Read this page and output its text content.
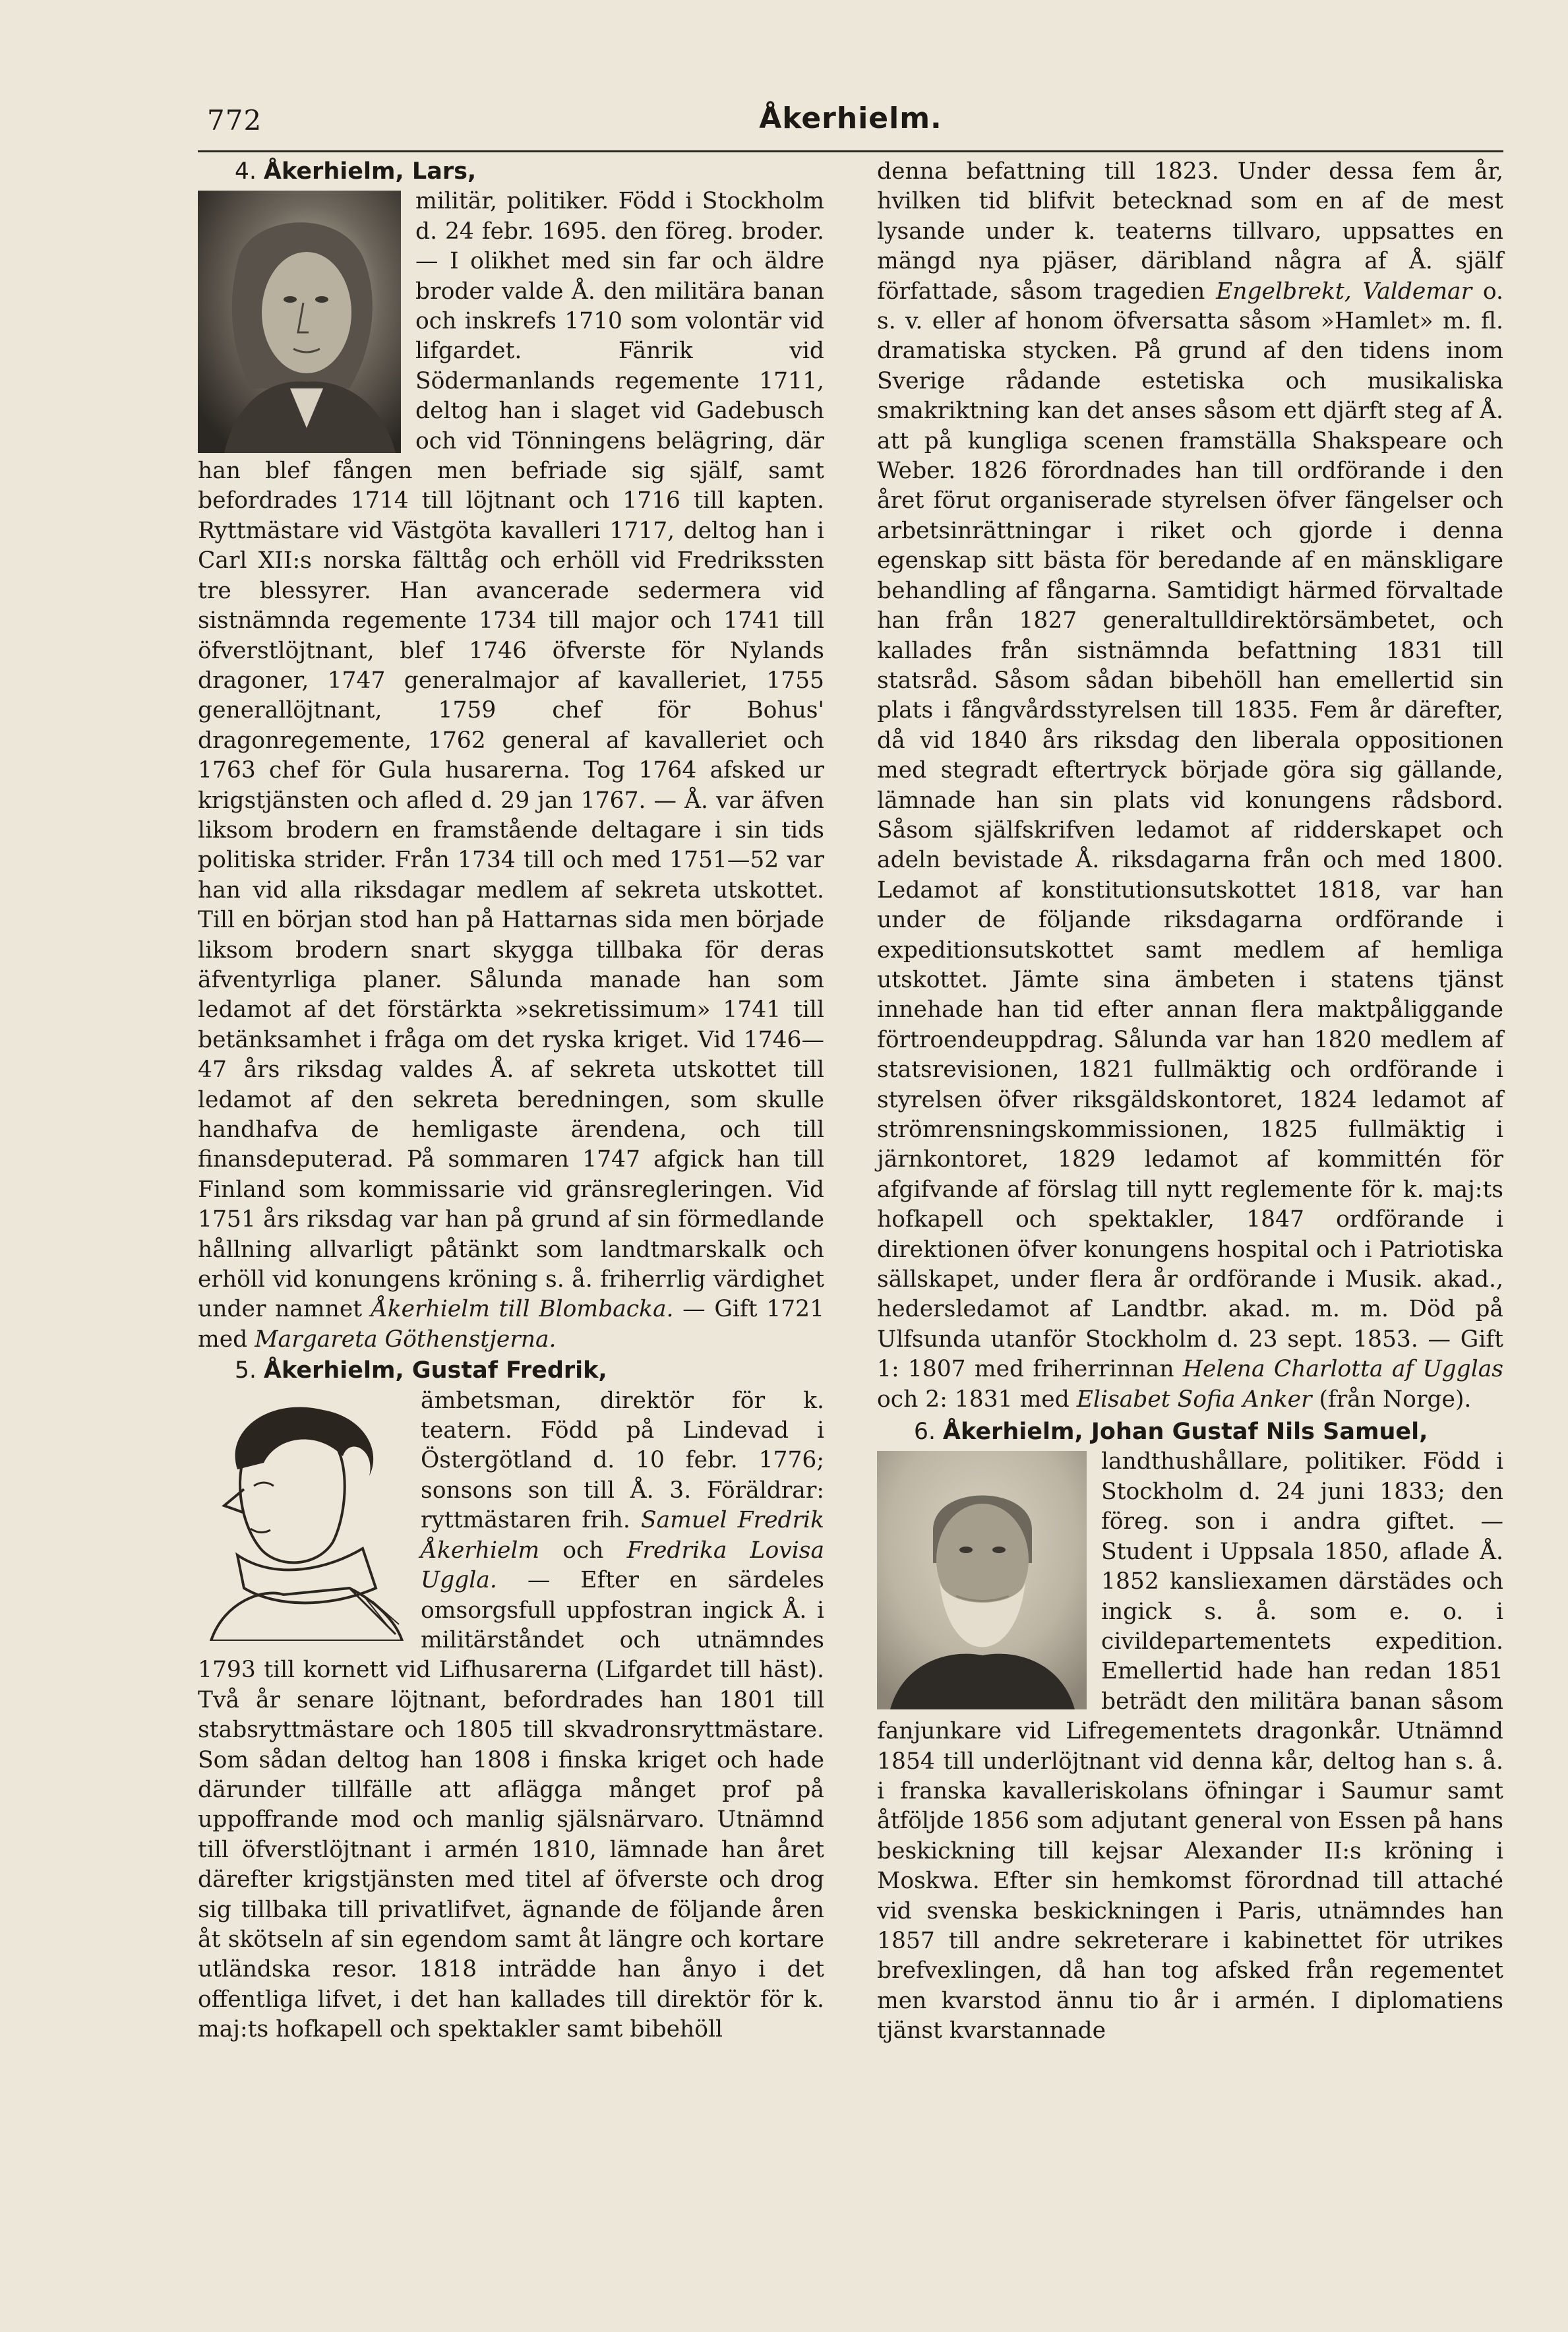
772	Åkerhielm.

4. Åkerhielm, Lars,

militär, politiker. Född i Stockholm d. 24 febr. 1695. den föreg. broder. — I olikhet med sin far och äldre broder valde Å. den militära banan och inskrefs 1710 som volontär vid lifgardet. Fänrik vid Södermanlands regemente 1711, deltog han i slaget vid Gadebusch och vid Tönningens belägring, där han blef fången men befriade sig själf, samt befordrades 1714 till löjtnant och 1716 till kapten. Ryttmästare vid Västgöta kavalleri 1717, deltog han i Carl XII:s norska fälttåg och erhöll vid Fredrikssten tre blessyrer. Han avancerade sedermera vid sistnämnda regemente 1734 till major och 1741 till öfverstlöjtnant, blef 1746 öfverste för Nylands dragoner, 1747 generalmajor af kavalleriet, 1755 generallöjtnant, 1759 chef för Bohus' dragonregemente, 1762 general af kavalleriet och 1763 chef för Gula husarerna. Tog 1764 afsked ur krigstjänsten och afled d. 29 jan 1767. — Å. var äfven liksom brodern en framstående deltagare i sin tids politiska strider. Från 1734 till och med 1751—52 var han vid alla riksdagar medlem af sekreta utskottet. Till en början stod han på Hattarnas sida men började liksom brodern snart skygga tillbaka för deras äfventyrliga planer. Sålunda manade han som ledamot af det förstärkta »sekretissimum» 1741 till betänksamhet i fråga om det ryska kriget. Vid 1746—47 års riksdag valdes Å. af sekreta utskottet till ledamot af den sekreta beredningen, som skulle handhafva de hemligaste ärendena, och till finansdeputerad. På sommaren 1747 afgick han till Finland som kommissarie vid gränsregleringen. Vid 1751 års riksdag var han på grund af sin förmedlande hållning allvarligt påtänkt som landtmarskalk och erhöll vid konungens kröning s. å. friherrlig värdighet under namnet Åkerhielm till Blombacka. — Gift 1721 med Margareta Göthenstjerna.

5. Åkerhielm, Gustaf Fredrik,

ämbetsman, direktör för k. teatern. Född på Lindevad i Östergötland d. 10 febr. 1776; sonsons son till Å. 3. Föräldrar: ryttmästaren frih. Samuel Fredrik Åkerhielm och Fredrika Lovisa Uggla. — Efter en särdeles omsorgsfull uppfostran ingick Å. i militärståndet och utnämndes 1793 till kornett vid Lifhusarerna (Lifgardet till häst). Två år senare löjtnant, befordrades han 1801 till stabsryttmästare och 1805 till skvadronsryttmästare. Som sådan deltog han 1808 i finska kriget och hade därunder tillfälle att aflägga månget prof på uppoffrande mod och manlig själsnärvaro. Utnämnd till öfverstlöjtnant i armén 1810, lämnade han året därefter krigstjänsten med titel af öfverste och drog sig tillbaka till privatlifvet, ägnande de följande åren åt skötseln af sin egendom samt åt längre och kortare utländska resor. 1818 inträdde han ånyo i det offentliga lifvet, i det han kallades till direktör för k. maj:ts hofkapell och spektakler samt bibehöll

denna befattning till 1823. Under dessa fem år, hvilken tid blifvit betecknad som en af de mest lysande under k. teaterns tillvaro, uppsattes en mängd nya pjäser, däribland några af Å. själf författade, såsom tragedien Engelbrekt, Valdemar o. s. v. eller af honom öfversatta såsom »Hamlet» m. fl. dramatiska stycken. På grund af den tidens inom Sverige rådande estetiska och musikaliska smakriktning kan det anses såsom ett djärft steg af Å. att på kungliga scenen framställa Shakspeare och Weber. 1826 förordnades han till ordförande i den året förut organiserade styrelsen öfver fängelser och arbetsinrättningar i riket och gjorde i denna egenskap sitt bästa för beredande af en mänskligare behandling af fångarna. Samtidigt härmed förvaltade han från 1827 generaltulldirektörsämbetet, och kallades från sistnämnda befattning 1831 till statsråd. Såsom sådan bibehöll han emellertid sin plats i fångvårdsstyrelsen till 1835. Fem år därefter, då vid 1840 års riksdag den liberala oppositionen med stegradt eftertryck började göra sig gällande, lämnade han sin plats vid konungens rådsbord. Såsom själfskrifven ledamot af ridderskapet och adeln bevistade Å. riksdagarna från och med 1800. Ledamot af konstitutionsutskottet 1818, var han under de följande riksdagarna ordförande i expeditionsutskottet samt medlem af hemliga utskottet. Jämte sina ämbeten i statens tjänst innehade han tid efter annan flera maktpåliggande förtroendeuppdrag. Sålunda var han 1820 medlem af statsrevisionen, 1821 fullmäktig och ordförande i styrelsen öfver riksgäldskontoret, 1824 ledamot af strömrensningskommissionen, 1825 fullmäktig i järnkontoret, 1829 ledamot af kommittén för afgifvande af förslag till nytt reglemente för k. maj:ts hofkapell och spektakler, 1847 ordförande i direktionen öfver konungens hospital och i Patriotiska sällskapet, under flera år ordförande i Musik. akad., hedersledamot af Landtbr. akad. m. m. Död på Ulfsunda utanför Stockholm d. 23 sept. 1853. — Gift 1: 1807 med friherrinnan Helena Charlotta af Ugglas och 2: 1831 med Elisabet Sofia Anker (från Norge).

6. Åkerhielm, Johan Gustaf Nils Samuel,

landthushållare, politiker. Född i Stockholm d. 24 juni 1833; den föreg. son i andra giftet. — Student i Uppsala 1850, aflade Å. 1852 kansliexamen därstädes och ingick s. å. som e. o. i civildepartementets expedition. Emellertid hade han redan 1851 beträdt den militära banan såsom fanjunkare vid Lifregementets dragonkår. Utnämnd 1854 till underlöjtnant vid denna kår, deltog han s. å. i franska kavalleriskolans öfningar i Saumur samt åtföljde 1856 som adjutant general von Essen på hans beskickning till kejsar Alexander II:s kröning i Moskwa. Efter sin hemkomst förordnad till attaché vid svenska beskickningen i Paris, utnämndes han 1857 till andre sekreterare i kabinettet för utrikes brefvexlingen, då han tog afsked från regementet men kvarstod ännu tio år i armén. I diplomatiens tjänst kvarstannade
